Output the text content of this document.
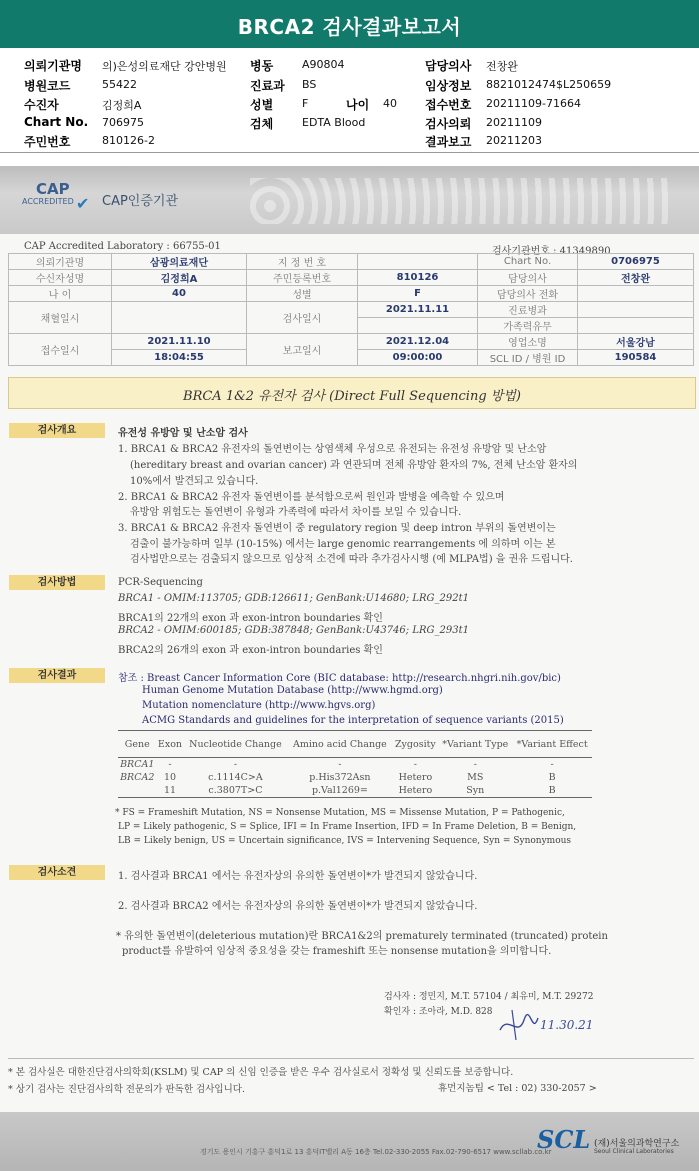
BRCA2 검사결과보고서
의뢰기관명 의)은성의료재단 강안병원
병원코드	55422
수진자	김정희A
Chart No. 706975
주민번호	810126-2
병동	A90804
진료과 BS
성별	F	나이 40
검체	EDTA Blood
담당의사 전창완
임상정보 8821012474$L250659
접수번호 20211109-71664
검사의뢰 20211109
결과보고 20211203
CAP
ACCREDITED ✔ CAP인증기관
CAP Accredited Laboratory : 66755-01	검사기관번호 : 41349890
의뢰기관명	삼광의료재단	지 정 번 호		Chart No.	0706975
수신자성명	김정희A	주민등록번호	810126	담당의사	전창완
나 이	40	성별	F	담당의사 전화	
채혈일시		검사일시	2021.11.11	진료병과	
				가족력유무	
접수일시	2021.11.10	보고일시	2021.12.04	영업소명	서울강남
	18:04:55		09:00:00	SCL ID / 병원 ID	190584
BRCA 1&2 유전자 검사 (Direct Full Sequencing 방법)
검사개요	유전성 유방암 및 난소암 검사
1. BRCA1 & BRCA2 유전자의 돌연변이는 상염색체 우성으로 유전되는 유전성 유방암 및 난소암
(hereditary breast and ovarian cancer) 과 연관되며 전체 유방암 환자의 7%, 전체 난소암 환자의
10%에서 발견되고 있습니다.
2. BRCA1 & BRCA2 유전자 돌연변이를 분석함으로써 원인과 발병을 예측할 수 있으며
유방암 위험도는 돌연변이 유형과 가족력에 따라서 차이를 보일 수 있습니다.
3. BRCA1 & BRCA2 유전자 돌연변이 중 regulatory region 및 deep intron 부위의 돌연변이는
검출이 불가능하며 일부 (10-15%) 에서는 large genomic rearrangements 에 의하며 이는 본
검사법만으로는 검출되지 않으므로 임상적 소견에 따라 추가검사시행 (예 MLPA법) 을 권유 드립니다.
검사방법	PCR-Sequencing
BRCA1 - OMIM:113705; GDB:126611; GenBank:U14680; LRG_292t1
BRCA1의 22개의 exon 과 exon-intron boundaries 확인
BRCA2 - OMIM:600185; GDB:387848; GenBank:U43746; LRG_293t1
BRCA2의 26개의 exon 과 exon-intron boundaries 확인
검사결과	참조 : Breast Cancer Information Core (BIC database: http://research.nhgri.nih.gov/bic)
Human Genome Mutation Database (http://www.hgmd.org)
Mutation nomenclature (http://www.hgvs.org)
ACMG Standards and guidelines for the interpretation of sequence variants (2015)
Gene	Exon	Nucleotide Change	Amino acid Change	Zygosity	*Variant Type	*Variant Effect
BRCA1	-	-	-	-	-	-
BRCA2	10	c.1114C>A	p.His372Asn	Hetero	MS	B
	11	c.3807T>C	p.Val1269=	Hetero	Syn	B
* FS = Frameshift Mutation, NS = Nonsense Mutation, MS = Missense Mutation, P = Pathogenic,
LP = Likely pathogenic, S = Splice, IFI = In Frame Insertion, IFD = In Frame Deletion, B = Benign,
LB = Likely benign, US = Uncertain significance, IVS = Intervening Sequence, Syn = Synonymous
검사소견	1. 검사결과 BRCA1 에서는 유전자상의 유의한 돌연변이*가 발견되지 않았습니다.
2. 검사결과 BRCA2 에서는 유전자상의 유의한 돌연변이*가 발견되지 않았습니다.
* 유의한 돌연변이(deleterious mutation)란 BRCA1&2의 prematurely terminated (truncated) protein
product를 유발하여 임상적 중요성을 갖는 frameshift 또는 nonsense mutation을 의미합니다.
검사자 : 정민지, M.T. 57104 / 최유미, M.T. 29272
확인자 : 조아라, M.D. 828
11.30.21
* 본 검사실은 대한진단검사의학회(KSLM) 및 CAP 의 신임 인증을 받은 우수 검사실로서 정확성 및 신뢰도를 보증합니다.
* 상기 검사는 진단검사의학 전문의가 판독한 검사입니다.	휴먼지놈팀 < Tel : 02) 330-2057 >
경기도 용인시 기흥구 흥덕1로 13 흥덕IT밸리 A동 16층 Tel.02-330-2055 Fax.02-790-6517 www.scllab.co.kr
SCL (재)서울의과학연구소
Seoul Clinical Laboratories
